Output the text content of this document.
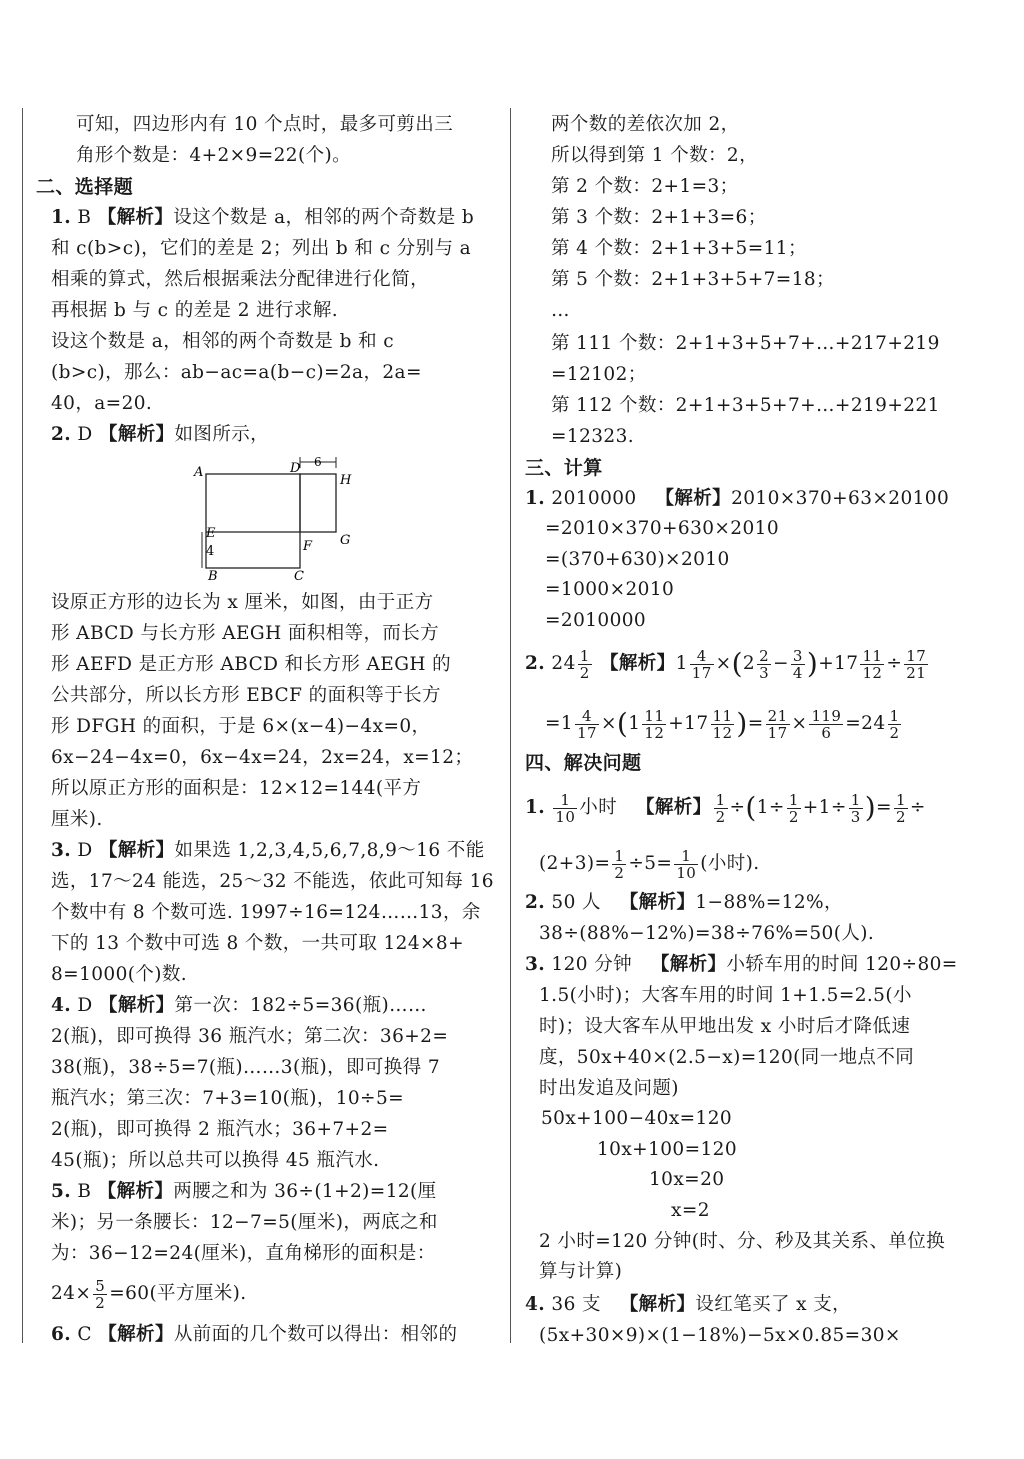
可知，四边形内有 10 个点时，最多可剪出三
角形个数是：4+2×9=22(个)。
二、选择题
1. B 【解析】设这个数是 a，相邻的两个奇数是 b
和 c(b>c)，它们的差是 2；列出 b 和 c 分别与 a
相乘的算式，然后根据乘法分配律进行化简，
再根据 b 与 c 的差是 2 进行求解.
设这个数是 a，相邻的两个奇数是 b 和 c
(b>c)，那么：ab−ac=a(b−c)=2a，2a=
40，a=20.
2. D 【解析】如图所示，
A
B	C
D
E
F G
H
6
4
设原正方形的边长为 x 厘米，如图，由于正方
形 ABCD 与长方形 AEGH 面积相等，而长方
形 AEFD 是正方形 ABCD 和长方形 AEGH 的
公共部分，所以长方形 EBCF 的面积等于长方
形 DFGH 的面积，于是 6×(x−4)−4x=0，
6x−24−4x=0，6x−4x=24，2x=24，x=12；
所以原正方形的面积是：12×12=144(平方
厘米).
3. D 【解析】如果选 1,2,3,4,5,6,7,8,9～16 不能
选，17～24 能选，25～32 不能选，依此可知每 16
个数中有 8 个数可选. 1997÷16=124……13，余
下的 13 个数中可选 8 个数，一共可取 124×8+
8=1000(个)数.
4. D 【解析】第一次：182÷5=36(瓶)……
2(瓶)，即可换得 36 瓶汽水；第二次：36+2=
38(瓶)，38÷5=7(瓶)……3(瓶)，即可换得 7
瓶汽水；第三次：7+3=10(瓶)，10÷5=
2(瓶)，即可换得 2 瓶汽水；36+7+2=
45(瓶)；所以总共可以换得 45 瓶汽水.
5. B 【解析】两腰之和为 36÷(1+2)=12(厘
米)；另一条腰长：12−7=5(厘米)，两底之和
为：36−12=24(厘米)，直角梯形的面积是：
$24\times \frac{5}{2} =60$(平方厘米).
6. C 【解析】从前面的几个数可以得出：相邻的
两个数的差依次加 2，
所以得到第 1 个数：2，
第 2 个数：2+1=3；
第 3 个数：2+1+3=6；
第 4 个数：2+1+3+5=11；
第 5 个数：2+1+3+5+7=18；
…
第 111 个数：2+1+3+5+7+…+217+219
=12102；
第 112 个数：2+1+3+5+7+…+219+221
=12323.
三、计算
1. 2010000 【解析】2010×370+63×20100
=2010×370+630×2010
=(370+630)×2010
=1000×2010
=2010000
2. $24 \frac{1}{2}$ 【解析】$1 \frac{4}{17} \times(2 \frac{2}{3} - \frac{3}{4} )+17 \frac{11}{12} \div \frac{17}{21}$
$=1 \frac{4}{17} \times(1 \frac{11}{12} +17 \frac{11}{12}$ )= $\frac{21}{17} \times \frac{119}{6} =24 \frac{1}{2}$
四、解决问题
1. $\frac{1}{10}$ 小时 【解析】 $\frac{1}{2} \div(1\div \frac{1}{2} +1\div \frac{1}{3}$ )= $\frac{1}{2}$ ÷
$(2+3)= \frac{1}{2} \div 5= \frac{1}{10}$ (小时).
2. 50 人 【解析】1−88%=12%，
38÷(88%−12%)=38÷76%=50(人).
3. 120 分钟 【解析】小轿车用的时间 120÷80=
1.5(小时)；大客车用的时间 1+1.5=2.5(小
时)；设大客车从甲地出发 x 小时后才降低速
度，50x+40×(2.5−x)=120(同一地点不同
时出发追及问题)
50x+100−40x=120
10x+100=120
10x=20
x=2
2 小时=120 分钟(时、分、秒及其关系、单位换
算与计算)
4. 36 支 【解析】设红笔买了 x 支，
(5x+30×9)×(1−18%)−5x×0.85=30×
